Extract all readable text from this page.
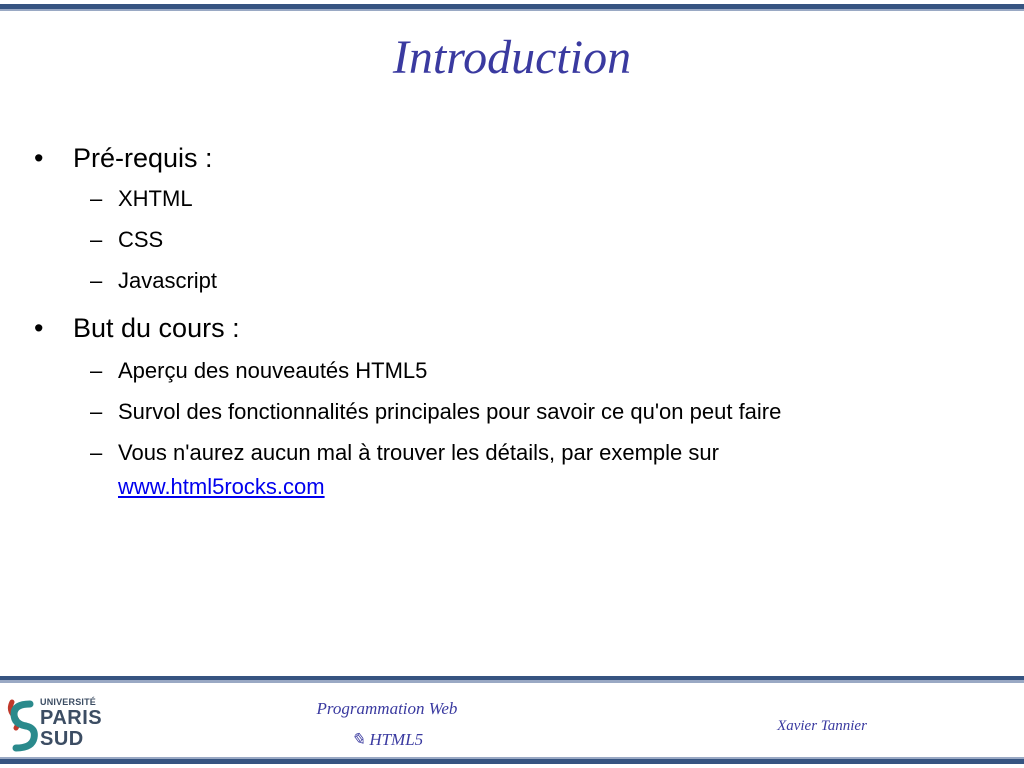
Introduction
•	Pré-requis :
– XHTML
– CSS
– Javascript
•	But du cours :
– Aperçu des nouveautés HTML5
– Survol des fonctionnalités principales pour savoir ce qu'on peut faire
– Vous n'aurez aucun mal à trouver les détails, par exemple sur
www.html5rocks.com
UNIVERSITÉ
PARIS
SUD
Programmation Web
✎ HTML5
Xavier Tannier
